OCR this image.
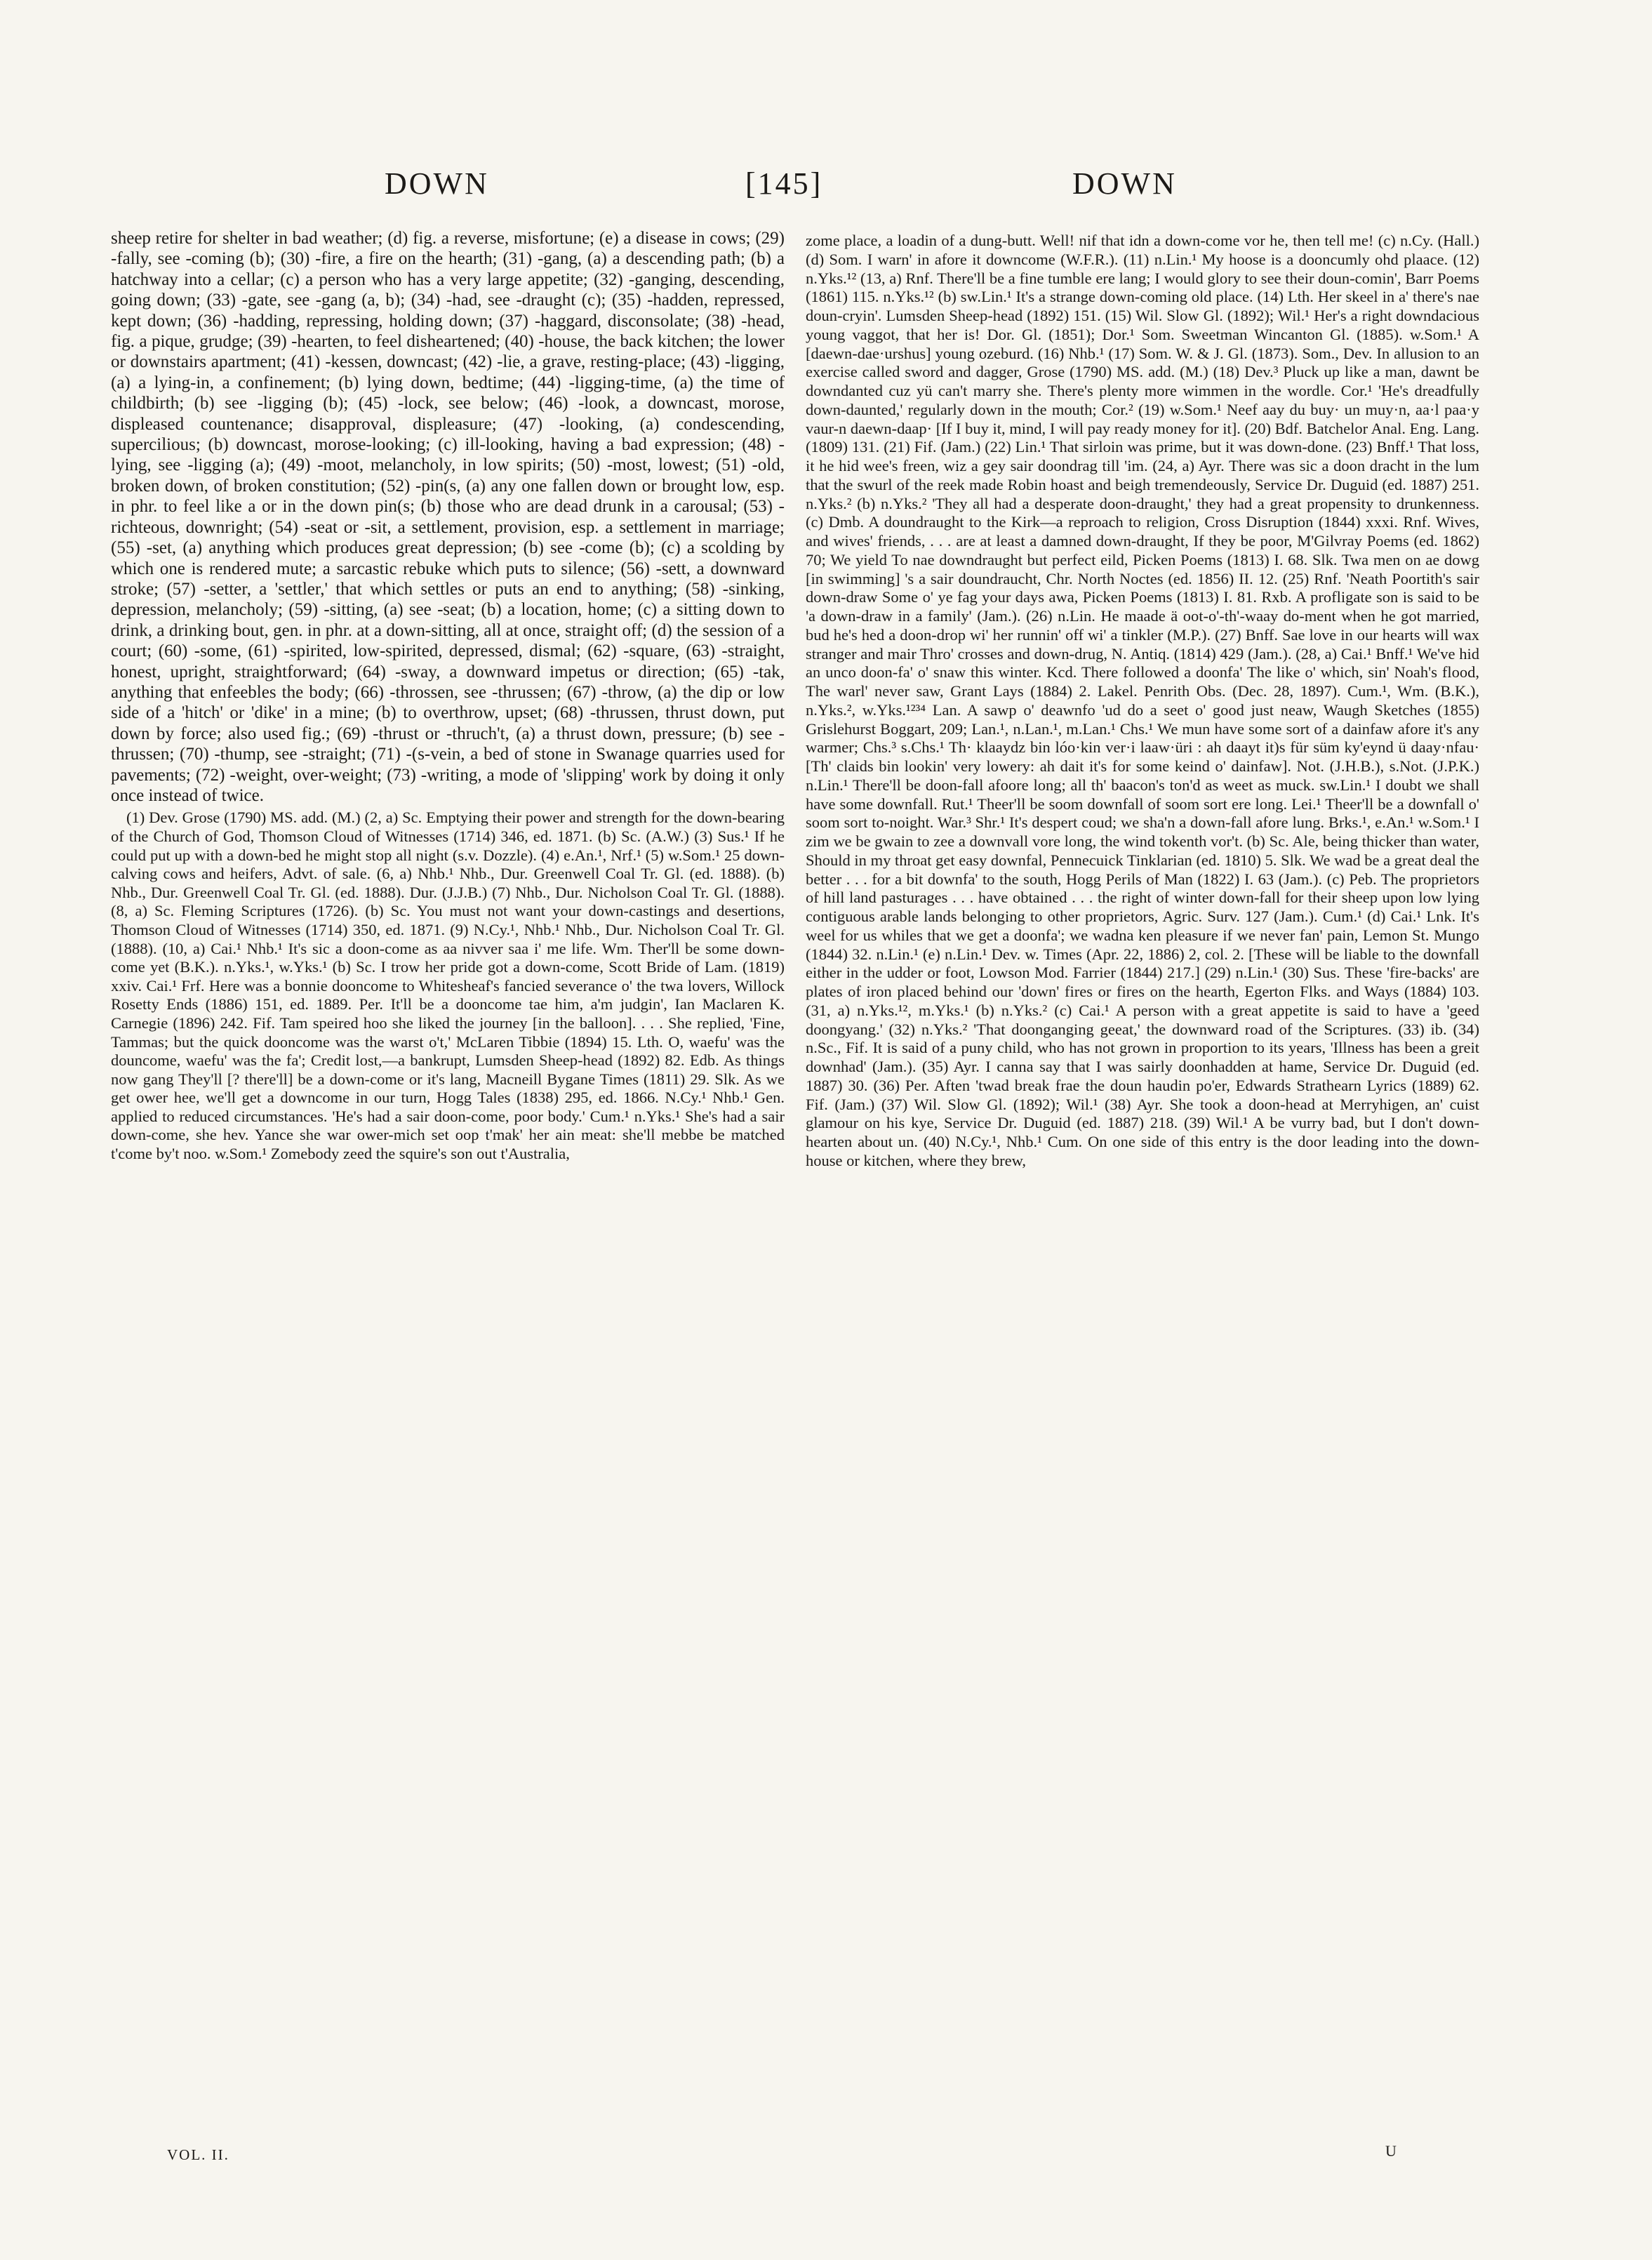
DOWN	[145]	DOWN

sheep retire for shelter in bad weather; (d) fig. a reverse, misfortune; (e) a disease in cows; (29) -fally, see -coming (b); (30) -fire, a fire on the hearth; (31) -gang, (a) a descending path; (b) a hatchway into a cellar; (c) a person who has a very large appetite; (32) -ganging, descending, going down; (33) -gate, see -gang (a, b); (34) -had, see -draught (c); (35) -hadden, repressed, kept down; (36) -hadding, repressing, holding down; (37) -haggard, disconsolate; (38) -head, fig. a pique, grudge; (39) -hearten, to feel disheartened; (40) -house, the back kitchen; the lower or downstairs apartment; (41) -kessen, downcast; (42) -lie, a grave, resting-place; (43) -ligging, (a) a lying-in, a confinement; (b) lying down, bedtime; (44) -ligging-time, (a) the time of childbirth; (b) see -ligging (b); (45) -lock, see below; (46) -look, a downcast, morose, displeased countenance; disapproval, displeasure; (47) -looking, (a) condescending, supercilious; (b) downcast, morose-looking; (c) ill-looking, having a bad expression; (48) -lying, see -ligging (a); (49) -moot, melancholy, in low spirits; (50) -most, lowest; (51) -old, broken down, of broken constitution; (52) -pin(s, (a) any one fallen down or brought low, esp. in phr. to feel like a or in the down pin(s; (b) those who are dead drunk in a carousal; (53) -richteous, downright; (54) -seat or -sit, a settlement, provision, esp. a settlement in marriage; (55) -set, (a) anything which produces great depression; (b) see -come (b); (c) a scolding by which one is rendered mute; a sarcastic rebuke which puts to silence; (56) -sett, a downward stroke; (57) -setter, a 'settler,' that which settles or puts an end to anything; (58) -sinking, depression, melancholy; (59) -sitting, (a) see -seat; (b) a location, home; (c) a sitting down to drink, a drinking bout, gen. in phr. at a down-sitting, all at once, straight off; (d) the session of a court; (60) -some, (61) -spirited, low-spirited, depressed, dismal; (62) -square, (63) -straight, honest, upright, straightforward; (64) -sway, a downward impetus or direction; (65) -tak, anything that enfeebles the body; (66) -throssen, see -thrussen; (67) -throw, (a) the dip or low side of a 'hitch' or 'dike' in a mine; (b) to overthrow, upset; (68) -thrussen, thrust down, put down by force; also used fig.; (69) -thrust or -thruch't, (a) a thrust down, pressure; (b) see -thrussen; (70) -thump, see -straight; (71) -(s-vein, a bed of stone in Swanage quarries used for pavements; (72) -weight, over-weight; (73) -writing, a mode of 'slipping' work by doing it only once instead of twice.

(1) Dev. Grose (1790) MS. add. (M.) (2, a) Sc. Emptying their power and strength for the down-bearing of the Church of God, Thomson Cloud of Witnesses (1714) 346, ed. 1871. (b) Sc. (A.W.) (3) Sus.¹ If he could put up with a down-bed he might stop all night (s.v. Dozzle). (4) e.An.¹, Nrf.¹ (5) w.Som.¹ 25 down-calving cows and heifers, Advt. of sale. (6, a) Nhb.¹ Nhb., Dur. Greenwell Coal Tr. Gl. (ed. 1888). (b) Nhb., Dur. Greenwell Coal Tr. Gl. (ed. 1888). Dur. (J.J.B.) (7) Nhb., Dur. Nicholson Coal Tr. Gl. (1888). (8, a) Sc. Fleming Scriptures (1726). (b) Sc. You must not want your down-castings and desertions, Thomson Cloud of Witnesses (1714) 350, ed. 1871. (9) N.Cy.¹, Nhb.¹ Nhb., Dur. Nicholson Coal Tr. Gl. (1888). (10, a) Cai.¹ Nhb.¹ It's sic a doon-come as aa nivver saa i' me life. Wm. Ther'll be some down-come yet (B.K.). n.Yks.¹, w.Yks.¹ (b) Sc. I trow her pride got a down-come, Scott Bride of Lam. (1819) xxiv. Cai.¹ Frf. Here was a bonnie dooncome to Whitesheaf's fancied severance o' the twa lovers, Willock Rosetty Ends (1886) 151, ed. 1889. Per. It'll be a dooncome tae him, a'm judgin', Ian Maclaren K. Carnegie (1896) 242. Fif. Tam speired hoo she liked the journey [in the balloon]. . . . She replied, 'Fine, Tammas; but the quick dooncome was the warst o't,' McLaren Tibbie (1894) 15. Lth. O, waefu' was the douncome, waefu' was the fa'; Credit lost,—a bankrupt, Lumsden Sheep-head (1892) 82. Edb. As things now gang They'll [? there'll] be a down-come or it's lang, Macneill Bygane Times (1811) 29. Slk. As we get ower hee, we'll get a downcome in our turn, Hogg Tales (1838) 295, ed. 1866. N.Cy.¹ Nhb.¹ Gen. applied to reduced circumstances. 'He's had a sair doon-come, poor body.' Cum.¹ n.Yks.¹ She's had a sair down-come, she hev. Yance she war ower-mich set oop t'mak' her ain meat: she'll mebbe be matched t'come by't noo. w.Som.¹ Zomebody zeed the squire's son out t'Australia,

zome place, a loadin of a dung-butt. Well! nif that idn a down-come vor he, then tell me! (c) n.Cy. (Hall.) (d) Som. I warn' in afore it downcome (W.F.R.). (11) n.Lin.¹ My hoose is a dooncumly ohd plaace. (12) n.Yks.¹² (13, a) Rnf. There'll be a fine tumble ere lang; I would glory to see their doun-comin', Barr Poems (1861) 115. n.Yks.¹² (b) sw.Lin.¹ It's a strange down-coming old place. (14) Lth. Her skeel in a' there's nae doun-cryin'. Lumsden Sheep-head (1892) 151. (15) Wil. Slow Gl. (1892); Wil.¹ Her's a right downdacious young vaggot, that her is! Dor. Gl. (1851); Dor.¹ Som. Sweetman Wincanton Gl. (1885). w.Som.¹ A [daewn-dae·urshus] young ozeburd. (16) Nhb.¹ (17) Som. W. & J. Gl. (1873). Som., Dev. In allusion to an exercise called sword and dagger, Grose (1790) MS. add. (M.) (18) Dev.³ Pluck up like a man, dawnt be downdanted cuz yü can't marry she. There's plenty more wimmen in the wordle. Cor.¹ 'He's dreadfully down-daunted,' regularly down in the mouth; Cor.² (19) w.Som.¹ Neef aay du buy· un muy·n, aa·l paa·y vaur-n daewn-daap· [If I buy it, mind, I will pay ready money for it]. (20) Bdf. Batchelor Anal. Eng. Lang. (1809) 131. (21) Fif. (Jam.) (22) Lin.¹ That sirloin was prime, but it was down-done. (23) Bnff.¹ That loss, it he hid wee's freen, wiz a gey sair doondrag till 'im. (24, a) Ayr. There was sic a doon dracht in the lum that the swurl of the reek made Robin hoast and beigh tremendeously, Service Dr. Duguid (ed. 1887) 251. n.Yks.² (b) n.Yks.² 'They all had a desperate doon-draught,' they had a great propensity to drunkenness. (c) Dmb. A doundraught to the Kirk—a reproach to religion, Cross Disruption (1844) xxxi. Rnf. Wives, and wives' friends, . . . are at least a damned down-draught, If they be poor, M'Gilvray Poems (ed. 1862) 70; We yield To nae downdraught but perfect eild, Picken Poems (1813) I. 68. Slk. Twa men on ae dowg [in swimming] 's a sair doundraucht, Chr. North Noctes (ed. 1856) II. 12. (25) Rnf. 'Neath Poortith's sair down-draw Some o' ye fag your days awa, Picken Poems (1813) I. 81. Rxb. A profligate son is said to be 'a down-draw in a family' (Jam.). (26) n.Lin. He maade ä oot-o'-th'-waay do-ment when he got married, bud he's hed a doon-drop wi' her runnin' off wi' a tinkler (M.P.). (27) Bnff. Sae love in our hearts will wax stranger and mair Thro' crosses and down-drug, N. Antiq. (1814) 429 (Jam.). (28, a) Cai.¹ Bnff.¹ We've hid an unco doon-fa' o' snaw this winter. Kcd. There followed a doonfa' The like o' which, sin' Noah's flood, The warl' never saw, Grant Lays (1884) 2. Lakel. Penrith Obs. (Dec. 28, 1897). Cum.¹, Wm. (B.K.), n.Yks.², w.Yks.¹²³⁴ Lan. A sawp o' deawnfo 'ud do a seet o' good just neaw, Waugh Sketches (1855) Grislehurst Boggart, 209; Lan.¹, n.Lan.¹, m.Lan.¹ Chs.¹ We mun have some sort of a dainfaw afore it's any warmer; Chs.³ s.Chs.¹ Th· klaaydz bin lóo·kin ver·i laaw·üri : ah daayt it)s für süm ky'eynd ü daay·nfau· [Th' claids bin lookin' very lowery: ah dait it's for some keind o' dainfaw]. Not. (J.H.B.), s.Not. (J.P.K.) n.Lin.¹ There'll be doon-fall afoore long; all th' baacon's ton'd as weet as muck. sw.Lin.¹ I doubt we shall have some downfall. Rut.¹ Theer'll be soom downfall of soom sort ere long. Lei.¹ Theer'll be a downfall o' soom sort to-noight. War.³ Shr.¹ It's despert coud; we sha'n a down-fall afore lung. Brks.¹, e.An.¹ w.Som.¹ I zim we be gwain to zee a downvall vore long, the wind tokenth vor't. (b) Sc. Ale, being thicker than water, Should in my throat get easy downfal, Pennecuick Tinklarian (ed. 1810) 5. Slk. We wad be a great deal the better . . . for a bit downfa' to the south, Hogg Perils of Man (1822) I. 63 (Jam.). (c) Peb. The proprietors of hill land pasturages . . . have obtained . . . the right of winter down-fall for their sheep upon low lying contiguous arable lands belonging to other proprietors, Agric. Surv. 127 (Jam.). Cum.¹ (d) Cai.¹ Lnk. It's weel for us whiles that we get a doonfa'; we wadna ken pleasure if we never fan' pain, Lemon St. Mungo (1844) 32. n.Lin.¹ (e) n.Lin.¹ Dev. w. Times (Apr. 22, 1886) 2, col. 2. [These will be liable to the downfall either in the udder or foot, Lowson Mod. Farrier (1844) 217.] (29) n.Lin.¹ (30) Sus. These 'fire-backs' are plates of iron placed behind our 'down' fires or fires on the hearth, Egerton Flks. and Ways (1884) 103. (31, a) n.Yks.¹², m.Yks.¹ (b) n.Yks.² (c) Cai.¹ A person with a great appetite is said to have a 'geed doongyang.' (32) n.Yks.² 'That doonganging geeat,' the downward road of the Scriptures. (33) ib. (34) n.Sc., Fif. It is said of a puny child, who has not grown in proportion to its years, 'Illness has been a greit downhad' (Jam.). (35) Ayr. I canna say that I was sairly doonhadden at hame, Service Dr. Duguid (ed. 1887) 30. (36) Per. Aften 'twad break frae the doun haudin po'er, Edwards Strathearn Lyrics (1889) 62. Fif. (Jam.) (37) Wil. Slow Gl. (1892); Wil.¹ (38) Ayr. She took a doon-head at Merryhigen, an' cuist glamour on his kye, Service Dr. Duguid (ed. 1887) 218. (39) Wil.¹ A be vurry bad, but I don't down-hearten about un. (40) N.Cy.¹, Nhb.¹ Cum. On one side of this entry is the door leading into the down-house or kitchen, where they brew,

VOL. II.	U
